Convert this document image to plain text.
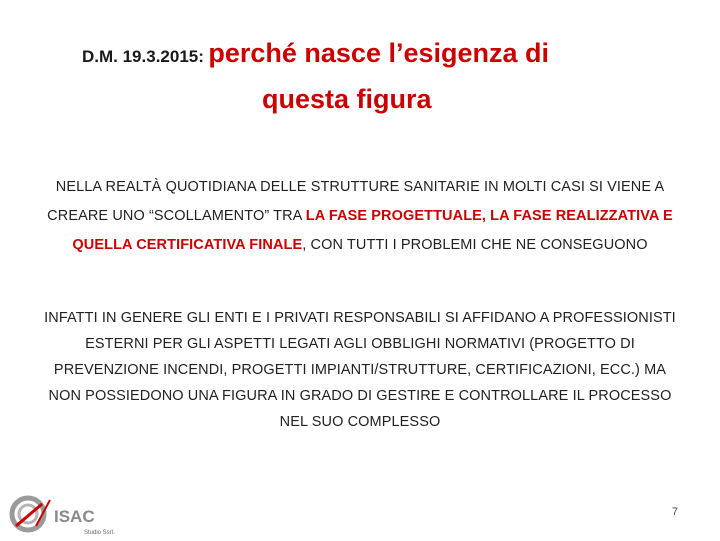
D.M. 19.3.2015: perché nasce l’esigenza di
questa figura
NELLA REALTÀ QUOTIDIANA DELLE STRUTTURE SANITARIE IN MOLTI CASI SI VIENE A CREARE UNO “SCOLLAMENTO” TRA LA FASE PROGETTUALE, LA FASE REALIZZATIVA E QUELLA CERTIFICATIVA FINALE, CON TUTTI I PROBLEMI CHE NE CONSEGUONO
INFATTI IN GENERE GLI ENTI E I PRIVATI RESPONSABILI SI AFFIDANO A PROFESSIONISTI ESTERNI PER GLI ASPETTI LEGATI AGLI OBBLIGHI NORMATIVI (PROGETTO DI PREVENZIONE INCENDI, PROGETTI IMPIANTI/STRUTTURE, CERTIFICAZIONI, ECC.) MA NON POSSIEDONO UNA FIGURA IN GRADO DI GESTIRE E CONTROLLARE IL PROCESSO NEL SUO COMPLESSO
ISAC
Studio Ssrl.
7
